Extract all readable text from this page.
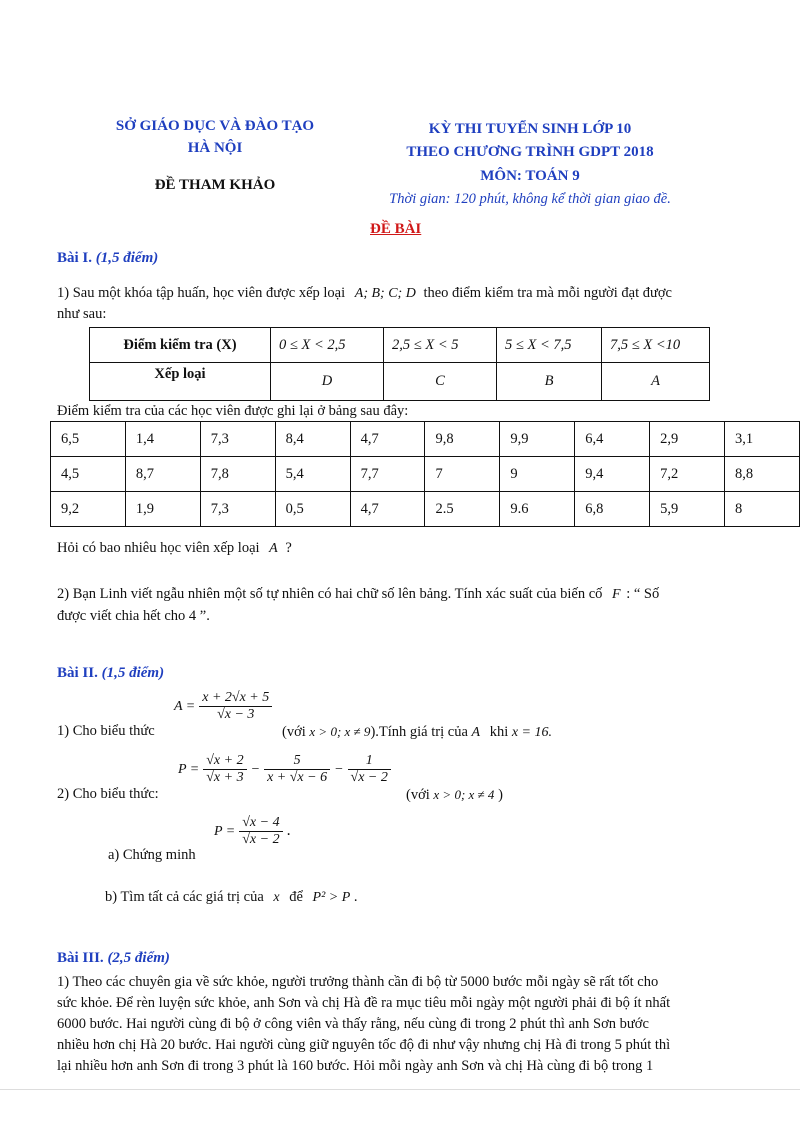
SỞ GIÁO DỤC VÀ ĐÀO TẠO
HÀ NỘI
ĐỀ THAM KHẢO
KỲ THI TUYỂN SINH LỚP 10
THEO CHƯƠNG TRÌNH GDPT 2018
MÔN: TOÁN 9
Thời gian: 120 phút, không kể thời gian giao đề.
ĐỀ BÀI
Bài I. (1,5 điểm)
1) Sau một khóa tập huấn, học viên được xếp loại A; B; C; D theo điểm kiểm tra mà mỗi người đạt được
như sau:
Điểm kiểm tra (X)	0 ≤ X < 2,5	2,5 ≤ X < 5	5 ≤ X < 7,5	7,5 ≤ X <10
Xếp loại	D	C	B	A
Điểm kiểm tra của các học viên được ghi lại ở bảng sau đây:
6,5	1,4	7,3	8,4	4,7	9,8	9,9	6,4	2,9	3,1
4,5	8,7	7,8	5,4	7,7	7	9	9,4	7,2	8,8
9,2	1,9	7,3	0,5	4,7	2.5	9.6	6,8	5,9	8
Hỏi có bao nhiêu học viên xếp loại A ?
2) Bạn Linh viết ngẫu nhiên một số tự nhiên có hai chữ số lên bảng. Tính xác suất của biến cố F : “ Số
được viết chia hết cho 4 ”.
Bài II. (1,5 điểm)
1) Cho biểu thức
$A = \frac{x + 2√x + 5}{√x - 3}$
(với x > 0; x ≠ 9).Tính giá trị của A khi x = 16.
2) Cho biểu thức:
$P = \frac{√x + 2}{√x + 3} - \frac{5}{x + √x - 6} - \frac{1}{√x - 2}$
(với x > 0; x ≠ 4 )
a) Chứng minh
$P = \frac{√x - 4}{√x - 2}$ .
b) Tìm tất cả các giá trị của x để P² > P .
Bài III. (2,5 điểm)
1) Theo các chuyên gia về sức khỏe, người trưởng thành cần đi bộ từ 5000 bước mỗi ngày sẽ rất tốt cho
sức khỏe. Để rèn luyện sức khỏe, anh Sơn và chị Hà đề ra mục tiêu mỗi ngày một người phải đi bộ ít nhất
6000 bước. Hai người cùng đi bộ ở công viên và thấy rằng, nếu cùng đi trong 2 phút thì anh Sơn bước
nhiều hơn chị Hà 20 bước. Hai người cùng giữ nguyên tốc độ đi như vậy nhưng chị Hà đi trong 5 phút thì
lại nhiều hơn anh Sơn đi trong 3 phút là 160 bước. Hỏi mỗi ngày anh Sơn và chị Hà cùng đi bộ trong 1
